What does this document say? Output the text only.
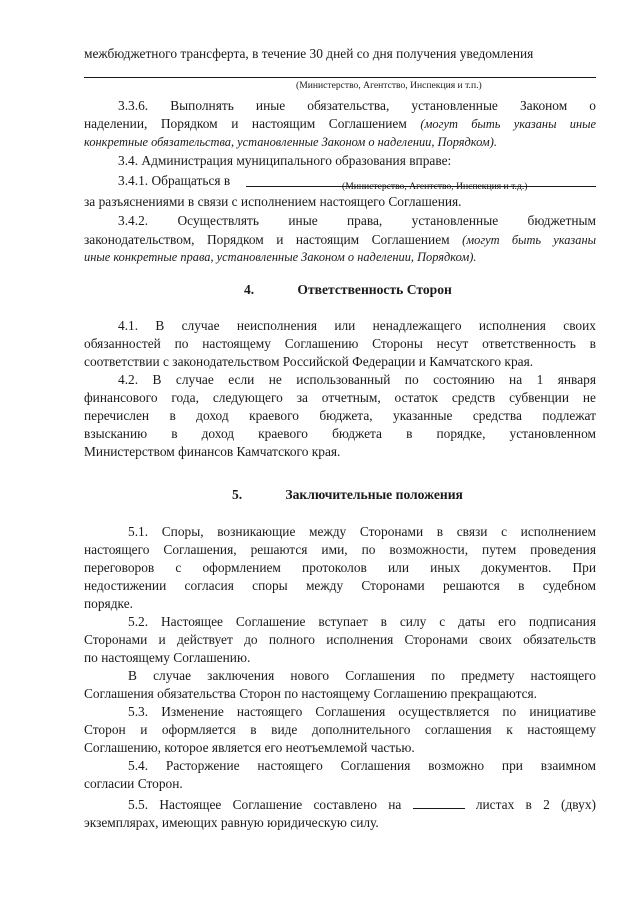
межбюджетного трансферта, в течение 30 дней со дня получения уведомления
(Министерство, Агентство, Инспекция и т.п.)
3.3.6. Выполнять иные обязательства, установленные Законом о
наделении, Порядком и настоящим Соглашением (могут быть указаны иные
конкретные обязательства, установленные Законом о наделении, Порядком).
3.4. Администрация муниципального образования вправе:
3.4.1. Обращаться в	(Министерство, Агентство, Инспекция и т.д.)
за разъяснениями в связи с исполнением настоящего Соглашения.
3.4.2. Осуществлять иные права, установленные бюджетным
законодательством, Порядком и настоящим Соглашением (могут быть указаны
иные конкретные права, установленные Законом о наделении, Порядком).
4.	Ответственность Сторон
4.1. В случае неисполнения или ненадлежащего исполнения своих
обязанностей по настоящему Соглашению Стороны несут ответственность в
соответствии с законодательством Российской Федерации и Камчатского края.
4.2. В случае если не использованный по состоянию на 1 января
финансового года, следующего за отчетным, остаток средств субвенции не
перечислен в доход краевого бюджета, указанные средства подлежат
взысканию в доход краевого бюджета в порядке, установленном
Министерством финансов Камчатского края.
5.	Заключительные положения
5.1. Споры, возникающие между Сторонами в связи с исполнением
настоящего Соглашения, решаются ими, по возможности, путем проведения
переговоров с оформлением протоколов или иных документов. При
недостижении согласия споры между Сторонами решаются в судебном
порядке.
5.2. Настоящее Соглашение вступает в силу с даты его подписания
Сторонами и действует до полного исполнения Сторонами своих обязательств
по настоящему Соглашению.
В случае заключения нового Соглашения по предмету настоящего
Соглашения обязательства Сторон по настоящему Соглашению прекращаются.
5.3. Изменение настоящего Соглашения осуществляется по инициативе
Сторон и оформляется в виде дополнительного соглашения к настоящему
Соглашению, которое является его неотъемлемой частью.
5.4. Расторжение настоящего Соглашения возможно при взаимном
согласии Сторон.
5.5. Настоящее Соглашение составлено на	листах в 2 (двух)
экземплярах, имеющих равную юридическую силу.
